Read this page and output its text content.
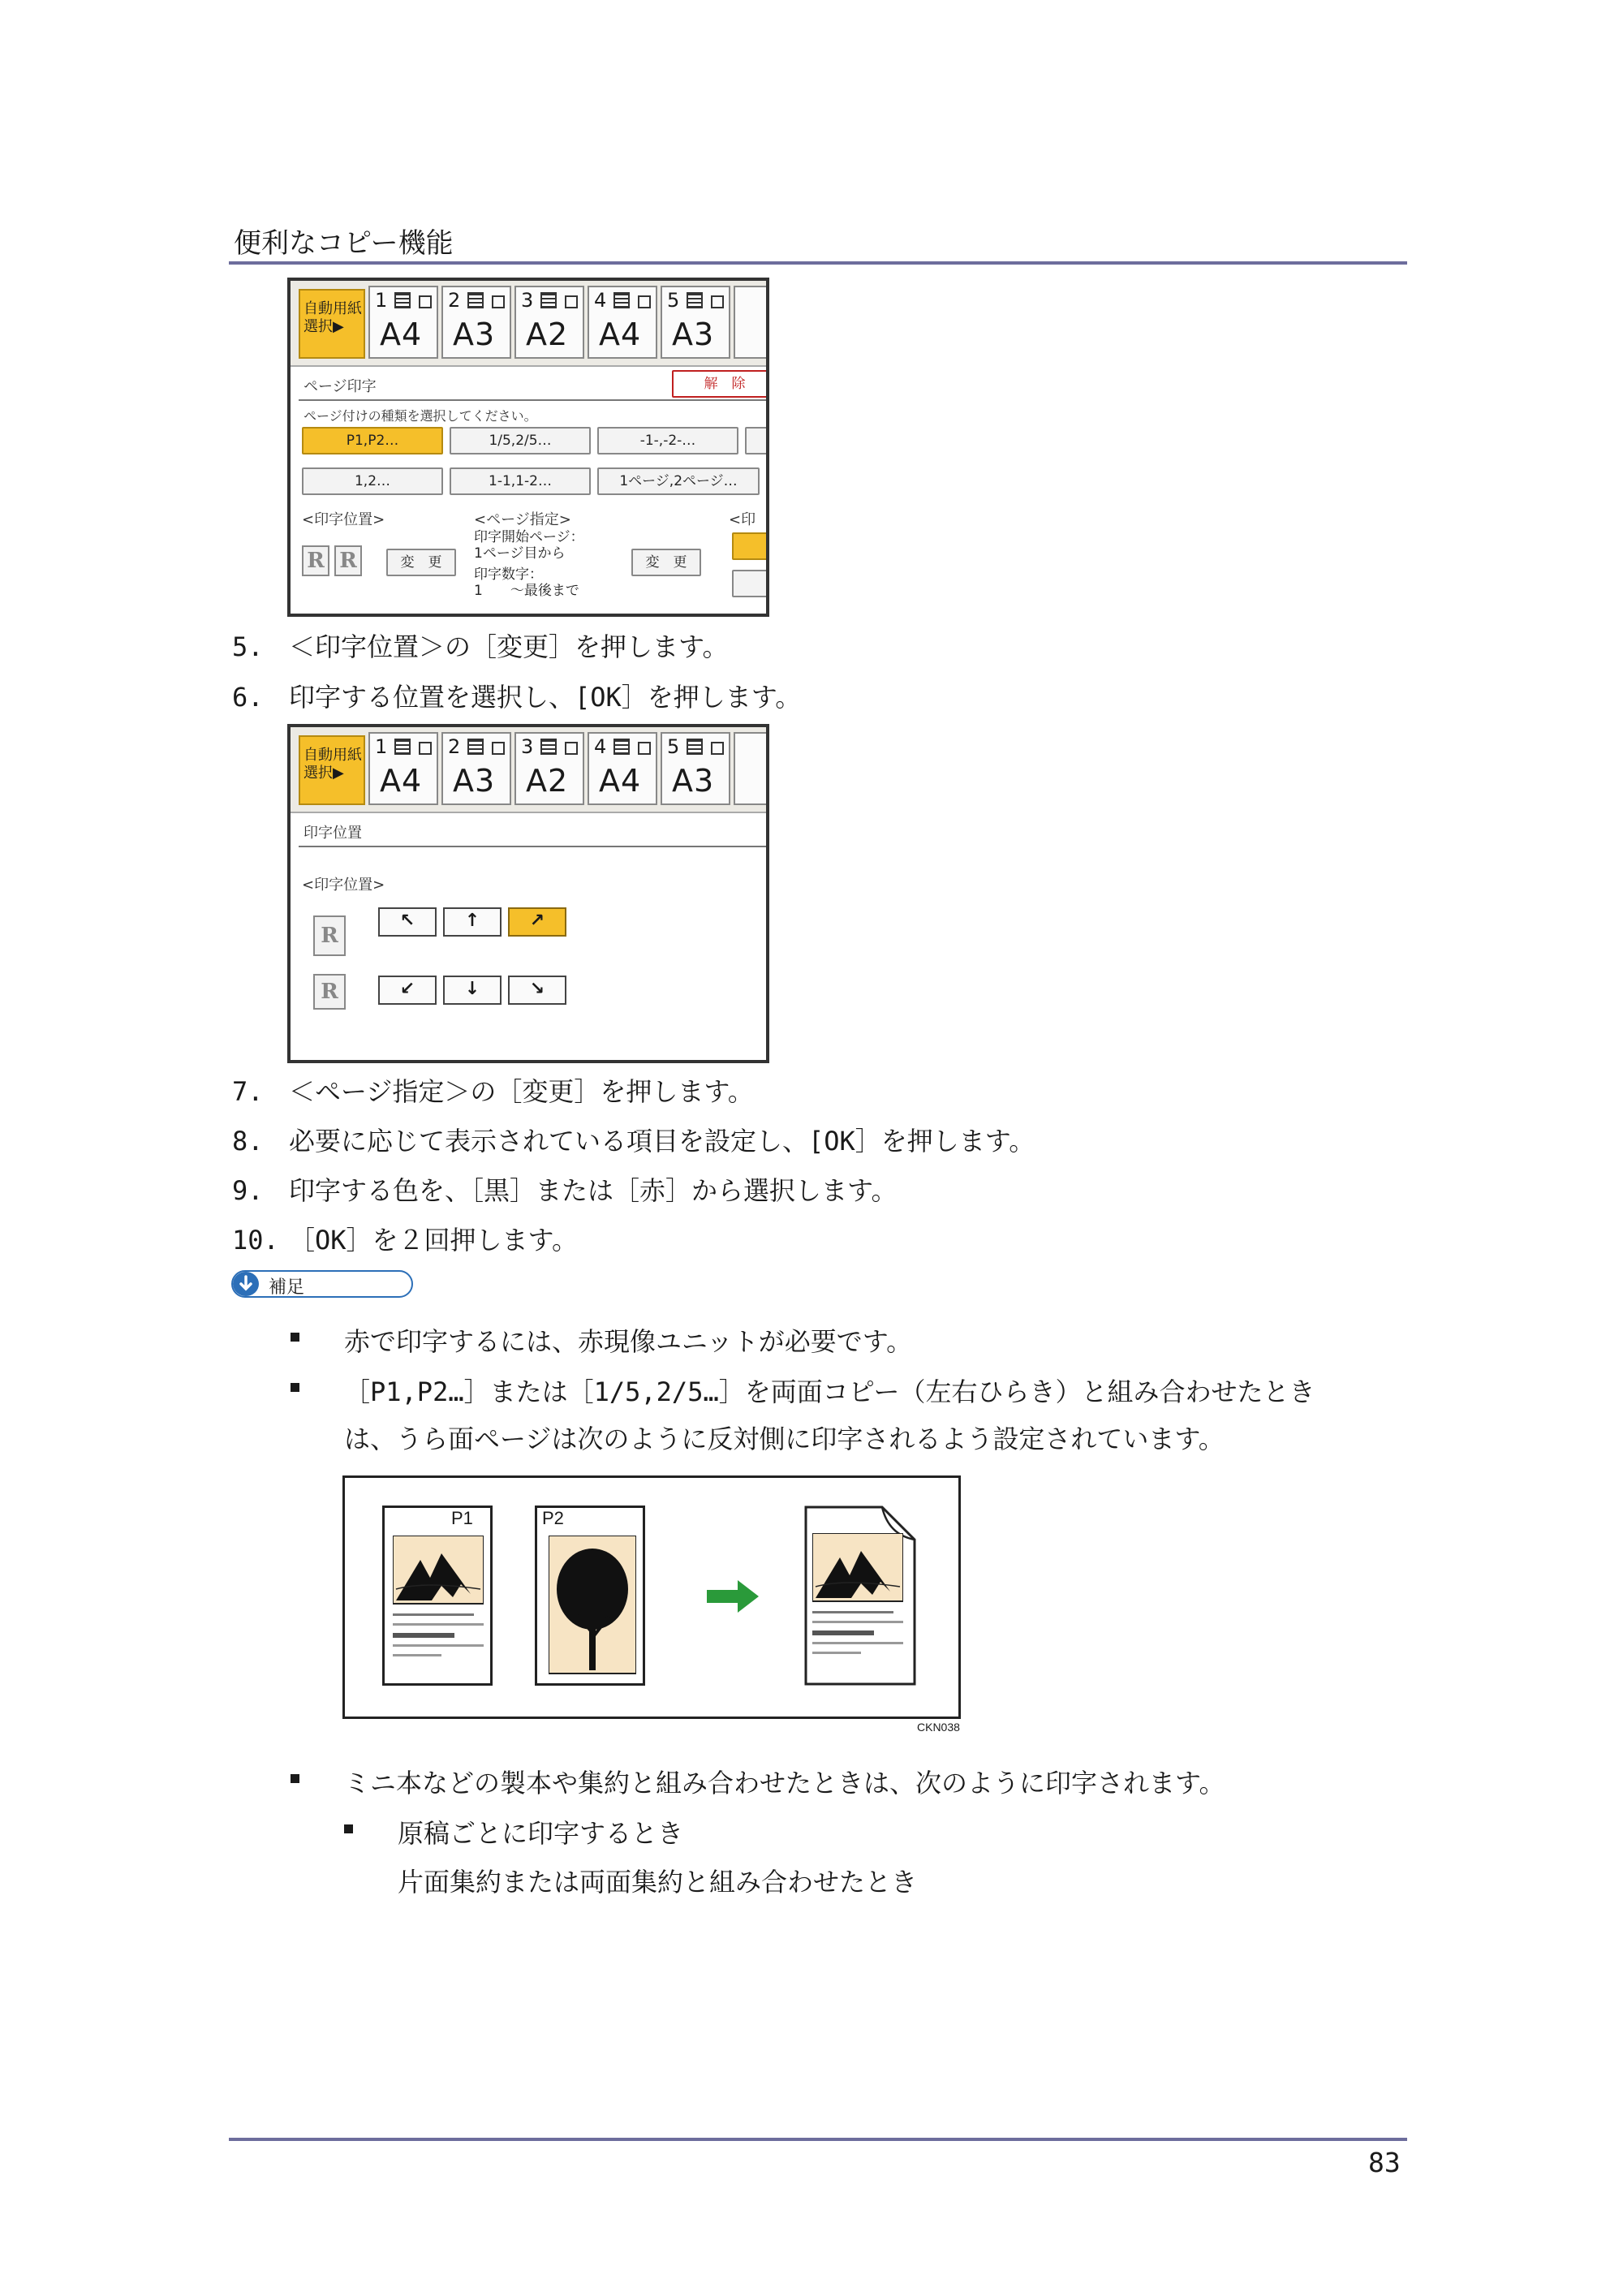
便利なコピー機能
自動用紙
選択▶
1
A4
2
A3
3
A2
4
A4
5
A3
ページ印字	解　除
ページ付けの種類を選択してください。
P1,P2…	1/5,2/5…	-1-,-2-…
1,2…	1-1,1-2…	1ページ,2ページ…
<印字位置>	<ページ指定>	<印
R R	変　更
印字開始ページ：
1ページ目から
印字数字：
1　　～最後まで
変　更
5. ＜印字位置＞の［変更］を押します。
6. 印字する位置を選択し、[OK］を押します。
自動用紙
選択▶
1
A4
2
A3
3
A2
4
A4
5
A3
印字位置
<印字位置>
R
↖	↑	↗
R	↙	↓	↘
7. ＜ページ指定＞の［変更］を押します。
8. 必要に応じて表示されている項目を設定し、[OK］を押します。
9. 印字する色を、［黒］または［赤］から選択します。
10. ［OK］を２回押します。
補足
赤で印字するには、赤現像ユニットが必要です。
［P1,P2…］または［1/5,2/5…］を両面コピー（左右ひらき）と組み合わせたとき
は、うら面ページは次のように反対側に印字されるよう設定されています。
P1	P2
CKN038
ミニ本などの製本や集約と組み合わせたときは、次のように印字されます。
原稿ごとに印字するとき
片面集約または両面集約と組み合わせたとき
83
